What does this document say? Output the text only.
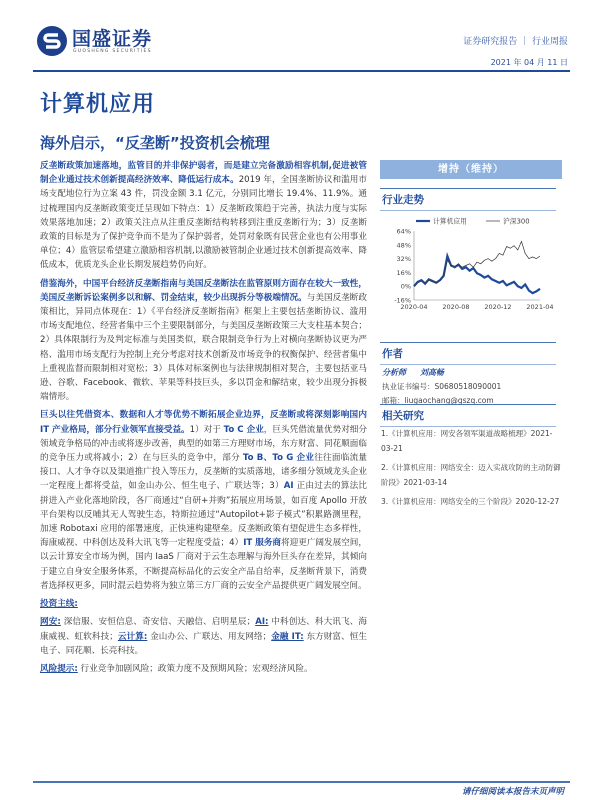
国盛证券
GUOSHENG SECURITIES
证券研究报告 ｜ 行业周报
2021 年 04 月 11 日
计算机应用
海外启示，“反垄断”投资机会梳理

反垄断政策加速落地，监管目的并非保护弱者，而是建立完备激励相容机制,促进被管制企业通过技术创新提高经济效率、降低运行成本。2019 年，全国垄断协议和滥用市场支配地位行为立案 43 件，罚没金额 3.1 亿元，分别同比增长 19.4%、11.9%。通过梳理国内反垄断政策变迁呈现如下特点：1）反垄断政策趋于完善，执法力度与实际效果落地加速；2）政策关注点从注重反垄断结构转移到注重反垄断行为；3）反垄断政策的目标是为了保护竞争而不是为了保护弱者，处罚对象既有民营企业也有公用事业单位；4）监管层希望建立激励相容机制,以激励被管制企业通过技术创新提高效率、降低成本，优质龙头企业长期发展趋势仍向好。

借鉴海外，中国平台经济反垄断指南与美国反垄断法在监管原则方面存在较大一致性，美国反垄断诉讼案例多以和解、罚金结束，较少出现拆分等极端情况。与美国反垄断政策相比，异同点体现在：1）《平台经济反垄断指南》框架上主要包括垄断协议、滥用市场支配地位、经营者集中三个主要限制部分，与美国反垄断政策三大支柱基本契合；2）具体限制行为及判定标准与美国类似，联合限制竞争行为上对横向垄断协议更为严格、滥用市场支配行为控制上充分考虑对技术创新及市场竞争的权衡保护、经营者集中上重视监督而限制相对宽松；3）具体对标案例也与法律规制相对契合，主要包括亚马逊、谷歌、Facebook、微软、苹果等科技巨头，多以罚金和解结束，较少出现分拆极端情形。

巨头以往凭借资本、数据和人才等优势不断拓展企业边界，反垄断或将深刻影响国内 IT 产业格局，部分行业领军直接受益。1）对于 To C 企业，巨头凭借流量优势对细分领域竞争格局的冲击或将逐步改善，典型的如第三方理财市场，东方财富、同花顺面临的竞争压力或将减小；2）在与巨头的竞争中，部分 To B、To G 企业往往面临流量接口、人才争夺以及渠道推广投入等压力，反垄断的实质落地，诸多细分领域龙头企业一定程度上都将受益，如金山办公、恒生电子、广联达等；3）AI 正由过去的算法比拼进入产业化落地阶段，各厂商通过“自研+并购”拓展应用场景，如百度 Apollo 开放平台架构以反哺其无人驾驶生态，特斯拉通过“Autopilot+影子模式”积累路测里程，加速 Robotaxi 应用的部署速度，正快速构建壁垒。反垄断政策有望促进生态多样性，海康威视、中科创达及科大讯飞等一定程度受益；4）IT 服务商将迎更广阔发展空间，以云计算安全市场为例，国内 IaaS 厂商对于云生态理解与海外巨头存在差异，其倾向于建立自身安全服务体系，不断提高标品化的云安全产品自给率，反垄断背景下，消费者选择权更多，同时混云趋势将为独立第三方厂商的云安全产品提供更广阔发展空间。

投资主线:

网安: 深信服、安恒信息、奇安信、天融信、启明星辰；AI: 中科创达、科大讯飞、海康威视、虹软科技；云计算: 金山办公、广联达、用友网络；金融 IT: 东方财富、恒生电子、同花顺、长亮科技。

风险提示: 行业竞争加剧风险；政策力度不及预期风险；宏观经济风险。

增持（维持）
行业走势
64%
48%
32%
16%
0%
-16%
2020-04 2020-08 2020-12 2021-04
计算机应用	沪深300
作者
分析师 刘高畅
执业证书编号：S0680518090001
邮箱：liugaochang@gszq.com
相关研究
1.《计算机应用：网安各领军渠道战略梳理》2021-03-21
2.《计算机应用：网络安全：迈入实战攻防的主动防御阶段》2021-03-14
3.《计算机应用：网络安全的三个阶段》2020-12-27
请仔细阅读本报告末页声明
